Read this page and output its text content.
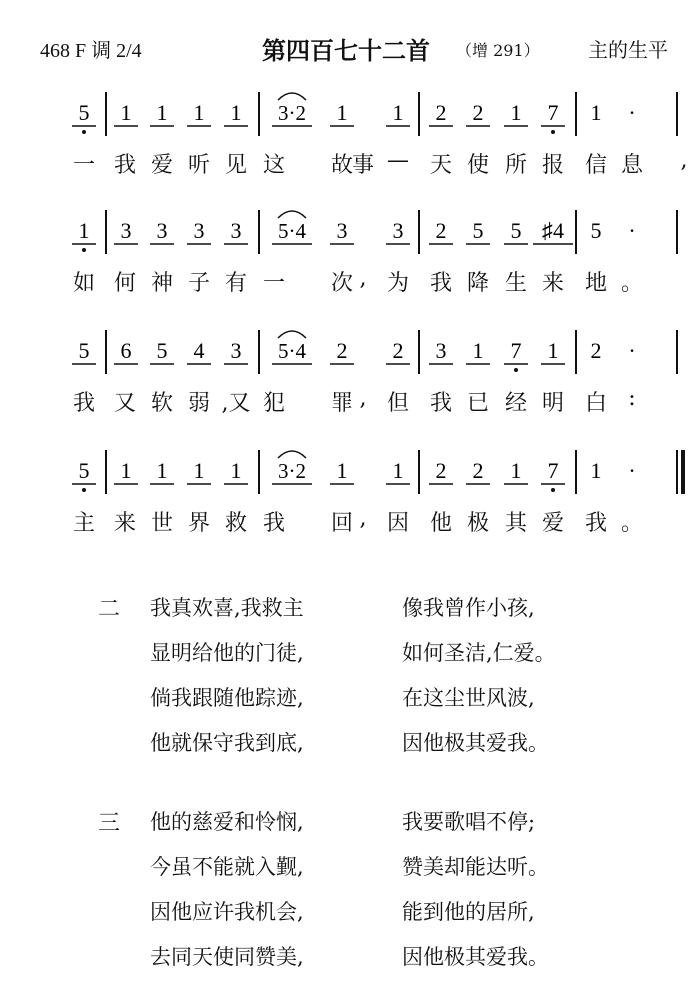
468 F 调 2/4	第四百七十二首 （增 291） 主的生平
5 1 1 1 1 3·2 1 1 2 2 1 7 1 ·
一 我 爱 听 见 这	故
事 — 天 使 所 报 信 息	,
1 3 3 3 3 5·4 3 3 2 5 5 ♯4 5 ·
如 何 神 子 有 一	次 , 为 我 降 生 来 地 。
5 6 5 4 3 5·4 2 2 3 1 7 1 2 ·
我 又 软 弱 ,又 犯	罪 , 但 我 已 经 明 白 :
5 1 1 1 1 3·2 1 1 2 2 1 7 1 ·
主 来 世 界 救 我	回 , 因 他 极 其 爱 我 。
二 我真欢喜,我救主	像我曾作小孩,
显明给他的门徒,	如何圣洁,仁爱。
倘我跟随他踪迹,	在这尘世风波,
他就保守我到底,	因他极其爱我。
三 他的慈爱和怜悯,	我要歌唱不停;
今虽不能就入觐,	赞美却能达听。
因他应许我机会,	能到他的居所,
去同天使同赞美,	因他极其爱我。
